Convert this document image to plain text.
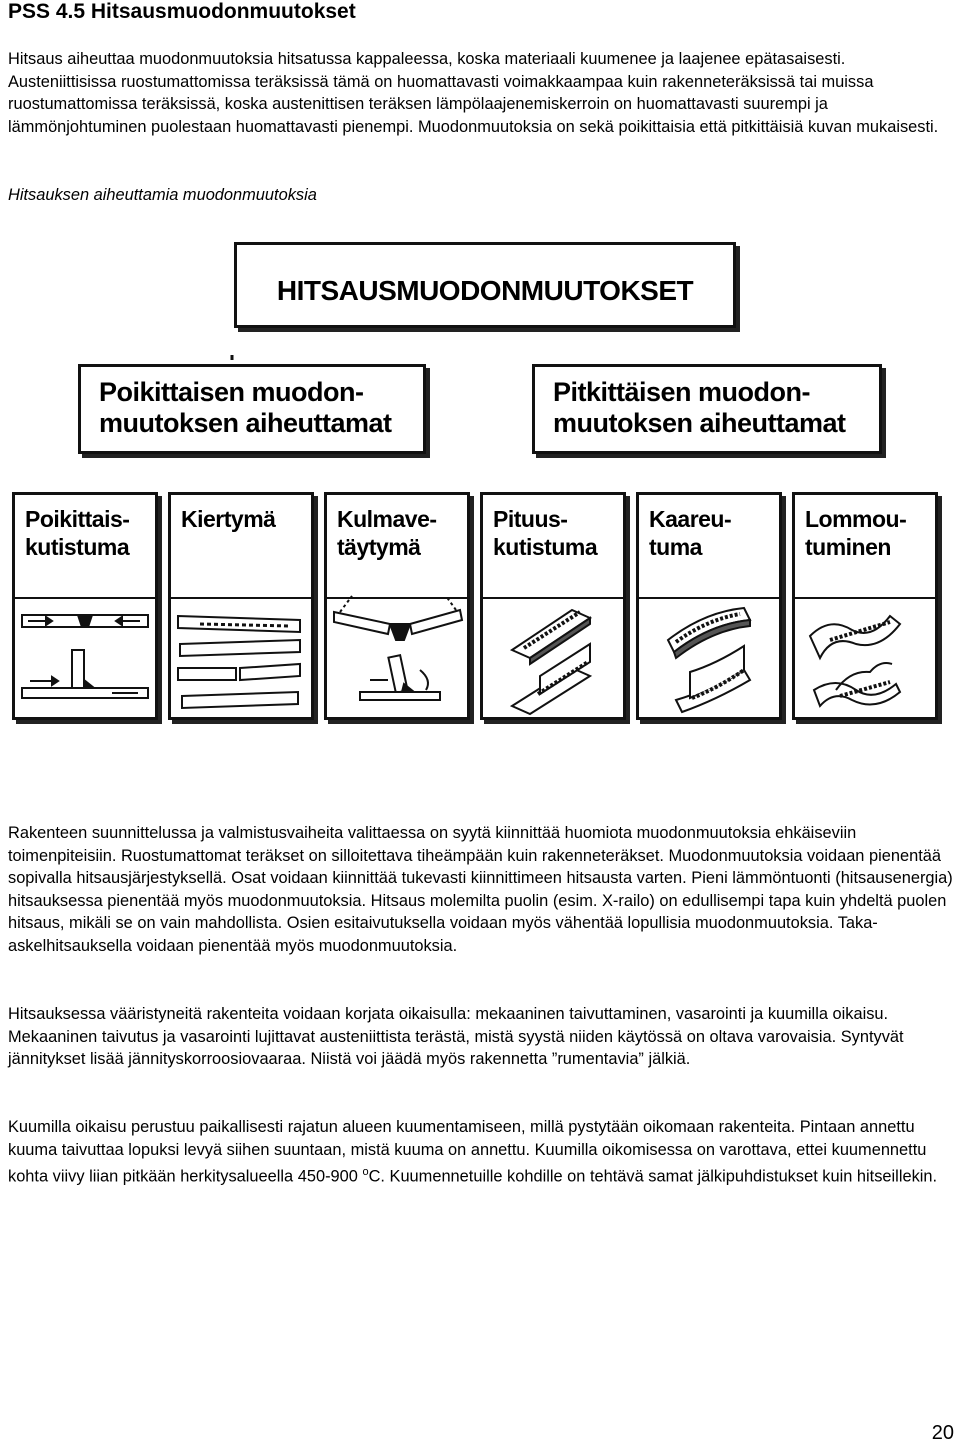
PSS 4.5 Hitsausmuodonmuutokset

Hitsaus aiheuttaa muodonmuutoksia hitsatussa kappaleessa, koska materiaali kuumenee ja laajenee epätasaisesti. Austeniittisissa ruostumattomissa teräksissä tämä on huomattavasti voimakkaampaa kuin rakenneteräksissä tai muissa ruostumattomissa teräksissä, koska austenittisen teräksen lämpölaajenemiskerroin on huomattavasti suurempi ja lämmönjohtuminen puolestaan huomattavasti pienempi. Muodonmuutoksia on sekä poikittaisia että pitkittäisiä kuvan mukaisesti.

Hitsauksen aiheuttamia muodonmuutoksia

HITSAUSMUODONMUUTOKSET
Poikittaisen muodon-
muutoksen aiheuttamat
Pitkittäisen muodon-
muutoksen aiheuttamat
Poikittais-
kutistuma
Kiertymä	Kulmave-
täytymä
Pituus-
kutistuma
Kaareu-
tuma
Lommou-
tuminen

Rakenteen suunnittelussa ja valmistusvaiheita valittaessa on syytä kiinnittää huomiota muodonmuutoksia ehkäiseviin toimenpiteisiin. Ruostumattomat teräkset on silloitettava tiheämpään kuin rakenneteräkset. Muodonmuutoksia voidaan pienentää sopivalla hitsausjärjestyksellä. Osat voidaan kiinnittää tukevasti kiinnittimeen hitsausta varten. Pieni lämmöntuonti (hitsausenergia) hitsauksessa pienentää myös muodonmuutoksia. Hitsaus molemilta puolin (esim. X-railo) on edullisempi tapa kuin yhdeltä puolen hitsaus, mikäli se on vain mahdollista. Osien esitaivutuksella voidaan myös vähentää lopullisia muodonmuutoksia. Taka-askelhitsauksella voidaan pienentää myös muodonmuutoksia.

Hitsauksessa vääristyneitä rakenteita voidaan korjata oikaisulla: mekaaninen taivuttaminen, vasarointi ja kuumilla oikaisu. Mekaaninen taivutus ja vasarointi lujittavat austeniittista terästä, mistä syystä niiden käytössä on oltava varovaisia. Syntyvät jännitykset lisää jännityskorroosiovaaraa. Niistä voi jäädä myös rakennetta ”rumentavia” jälkiä.

Kuumilla oikaisu perustuu paikallisesti rajatun alueen kuumentamiseen, millä pystytään oikomaan rakenteita. Pintaan annettu kuuma taivuttaa lopuksi levyä siihen suuntaan, mistä kuuma on annettu. Kuumilla oikomisessa on varottava, ettei kuumennettu kohta viivy liian pitkään herkitysalueella 450-900 $^o$C. Kuumennetuille kohdille on tehtävä samat jälkipuhdistukset kuin hitseillekin.

20
